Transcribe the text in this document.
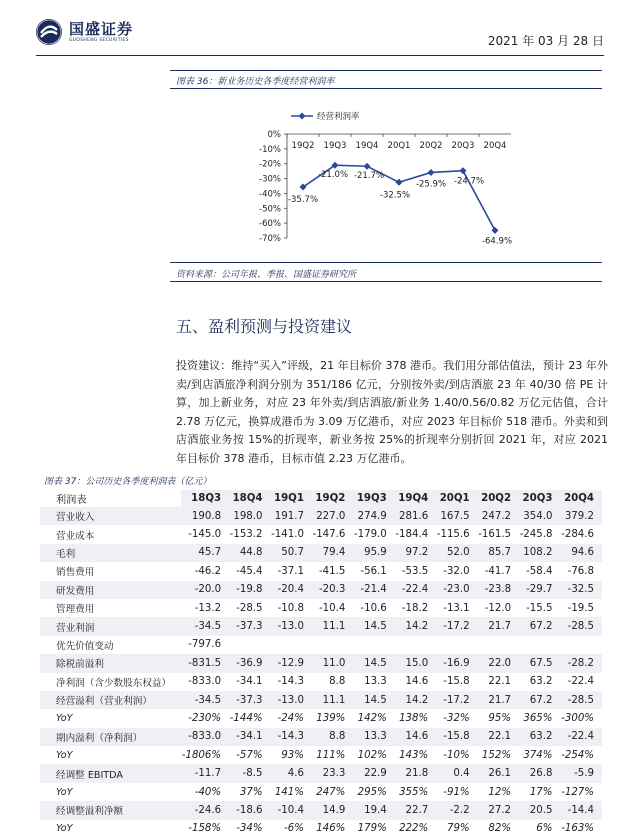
国盛证券
GUOSHENG SECURITIES	2021 年 03 月 28 日
图表 36：新业务历史各季度经营利润率
经营利润率
0%
-10%
-20%
-30%
-40%
-50%
-60%
-70%
19Q2 19Q3 19Q4 20Q1 20Q2 20Q3 20Q4
-35.7%
-21.0% -21.7%
-32.5%
-25.9% -24.7%
-64.9%
资料来源：公司年报、季报、国盛证券研究所
五、盈利预测与投资建议
投资建议：维持“买入”评级，21 年目标价 378 港币。我们用分部估值法，预计 23 年外卖/到店酒旅净利润分别为 351/186 亿元，分别按外卖/到店酒旅 23 年 40/30 倍 PE 计算，加上新业务，对应 23 年外卖/到店酒旅/新业务 1.40/0.56/0.82 万亿元估值，合计 2.78 万亿元，换算成港币为 3.09 万亿港币，对应 2023 年目标价 518 港币。外卖和到店酒旅业务按 15%的折现率，新业务按 25%的折现率分别折回 2021 年，对应 2021 年目标价 378 港币，目标市值 2.23 万亿港币。
图表 37：公司历史各季度利润表（亿元）
利润表	18Q3	18Q4	19Q1	19Q2	19Q3	19Q4	20Q1	20Q2	20Q3	20Q4
营业收入	190.8	198.0	191.7	227.0	274.9	281.6	167.5	247.2	354.0	379.2
营业成本	-145.0	-153.2	-141.0	-147.6	-179.0	-184.4	-115.6	-161.5	-245.8	-284.6
毛利	45.7	44.8	50.7	79.4	95.9	97.2	52.0	85.7	108.2	94.6
销售费用	-46.2	-45.4	-37.1	-41.5	-56.1	-53.5	-32.0	-41.7	-58.4	-76.8
研发费用	-20.0	-19.8	-20.4	-20.3	-21.4	-22.4	-23.0	-23.8	-29.7	-32.5
管理费用	-13.2	-28.5	-10.8	-10.4	-10.6	-18.2	-13.1	-12.0	-15.5	-19.5
营业利润	-34.5	-37.3	-13.0	11.1	14.5	14.2	-17.2	21.7	67.2	-28.5
优先价值变动	-797.6									
除税前溢利	-831.5	-36.9	-12.9	11.0	14.5	15.0	-16.9	22.0	67.5	-28.2
净利润（含少数股东权益）	-833.0	-34.1	-14.3	8.8	13.3	14.6	-15.8	22.1	63.2	-22.4
经营溢利（营业利润）	-34.5	-37.3	-13.0	11.1	14.5	14.2	-17.2	21.7	67.2	-28.5
YoY	-230%	-144%	-24%	139%	142%	138%	-32%	95%	365%	-300%
期内溢利（净利润）	-833.0	-34.1	-14.3	8.8	13.3	14.6	-15.8	22.1	63.2	-22.4
YoY	-1806%	-57%	93%	111%	102%	143%	-10%	152%	374%	-254%
经调整 EBITDA	-11.7	-8.5	4.6	23.3	22.9	21.8	0.4	26.1	26.8	-5.9
YoY	-40%	37%	141%	247%	295%	355%	-91%	12%	17%	-127%
经调整溢利净额	-24.6	-18.6	-10.4	14.9	19.4	22.7	-2.2	27.2	20.5	-14.4
YoY	-158%	-34%	-6%	146%	179%	222%	79%	82%	6%	-163%
